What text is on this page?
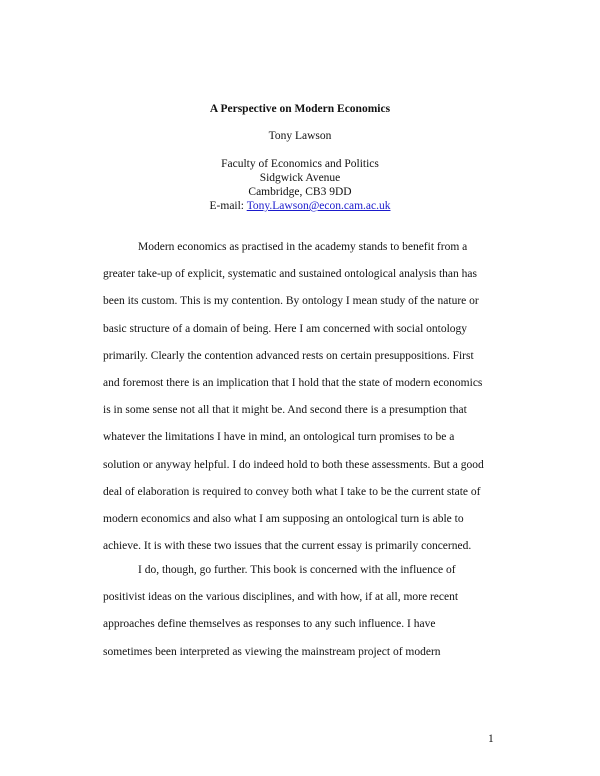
A Perspective on Modern Economics
Tony Lawson
Faculty of Economics and Politics
Sidgwick Avenue
Cambridge, CB3 9DD
E-mail: Tony.Lawson@econ.cam.ac.uk
Modern economics as practised in the academy stands to benefit from a
greater take-up of explicit, systematic and sustained ontological analysis than has
been its custom. This is my contention. By ontology I mean study of the nature or
basic structure of a domain of being. Here I am concerned with social ontology
primarily. Clearly the contention advanced rests on certain presuppositions. First
and foremost there is an implication that I hold that the state of modern economics
is in some sense not all that it might be. And second there is a presumption that
whatever the limitations I have in mind, an ontological turn promises to be a
solution or anyway helpful. I do indeed hold to both these assessments. But a good
deal of elaboration is required to convey both what I take to be the current state of
modern economics and also what I am supposing an ontological turn is able to
achieve. It is with these two issues that the current essay is primarily concerned.
I do, though, go further. This book is concerned with the influence of
positivist ideas on the various disciplines, and with how, if at all, more recent
approaches define themselves as responses to any such influence. I have
sometimes been interpreted as viewing the mainstream project of modern
1
